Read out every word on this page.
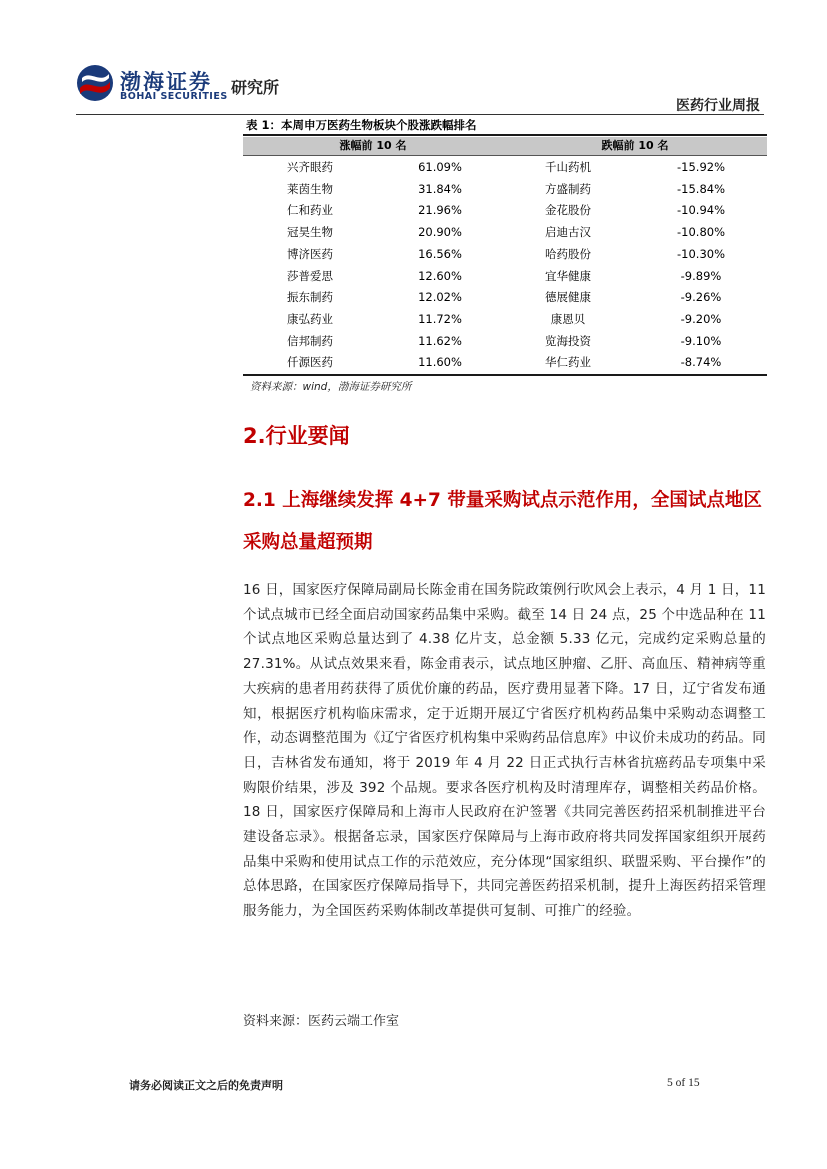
渤海证券
BOHAI SECURITIES 研究所
医药行业周报
表 1：本周申万医药生物板块个股涨跌幅排名
涨幅前 10 名	跌幅前 10 名
兴齐眼药	61.09%	千山药机	-15.92%
莱茵生物	31.84%	方盛制药	-15.84%
仁和药业	21.96%	金花股份	-10.94%
冠昊生物	20.90%	启迪古汉	-10.80%
博济医药	16.56%	哈药股份	-10.30%
莎普爱思	12.60%	宜华健康	-9.89%
振东制药	12.02%	德展健康	-9.26%
康弘药业	11.72%	康恩贝	-9.20%
信邦制药	11.62%	览海投资	-9.10%
仟源医药	11.60%	华仁药业	-8.74%
资料来源：wind，渤海证券研究所
2.行业要闻
2.1 上海继续发挥 4+7 带量采购试点示范作用，全国试点地区采购总量超预期
16 日，国家医疗保障局副局长陈金甫在国务院政策例行吹风会上表示，4 月 1 日，11 个试点城市已经全面启动国家药品集中采购。截至 14 日 24 点，25 个中选品种在 11 个试点地区采购总量达到了 4.38 亿片支，总金额 5.33 亿元，完成约定采购总量的 27.31%。从试点效果来看，陈金甫表示，试点地区肿瘤、乙肝、高血压、精神病等重大疾病的患者用药获得了质优价廉的药品，医疗费用显著下降。17 日，辽宁省发布通知，根据医疗机构临床需求，定于近期开展辽宁省医疗机构药品集中采购动态调整工作，动态调整范围为《辽宁省医疗机构集中采购药品信息库》中议价未成功的药品。同日，吉林省发布通知，将于 2019 年 4 月 22 日正式执行吉林省抗癌药品专项集中采购限价结果，涉及 392 个品规。要求各医疗机构及时清理库存，调整相关药品价格。18 日，国家医疗保障局和上海市人民政府在沪签署《共同完善医药招采机制推进平台建设备忘录》。根据备忘录，国家医疗保障局与上海市政府将共同发挥国家组织开展药品集中采购和使用试点工作的示范效应，充分体现“国家组织、联盟采购、平台操作”的总体思路，在国家医疗保障局指导下，共同完善医药招采机制，提升上海医药招采管理服务能力，为全国医药采购体制改革提供可复制、可推广的经验。
资料来源：医药云端工作室
请务必阅读正文之后的免责声明	5 of 15
